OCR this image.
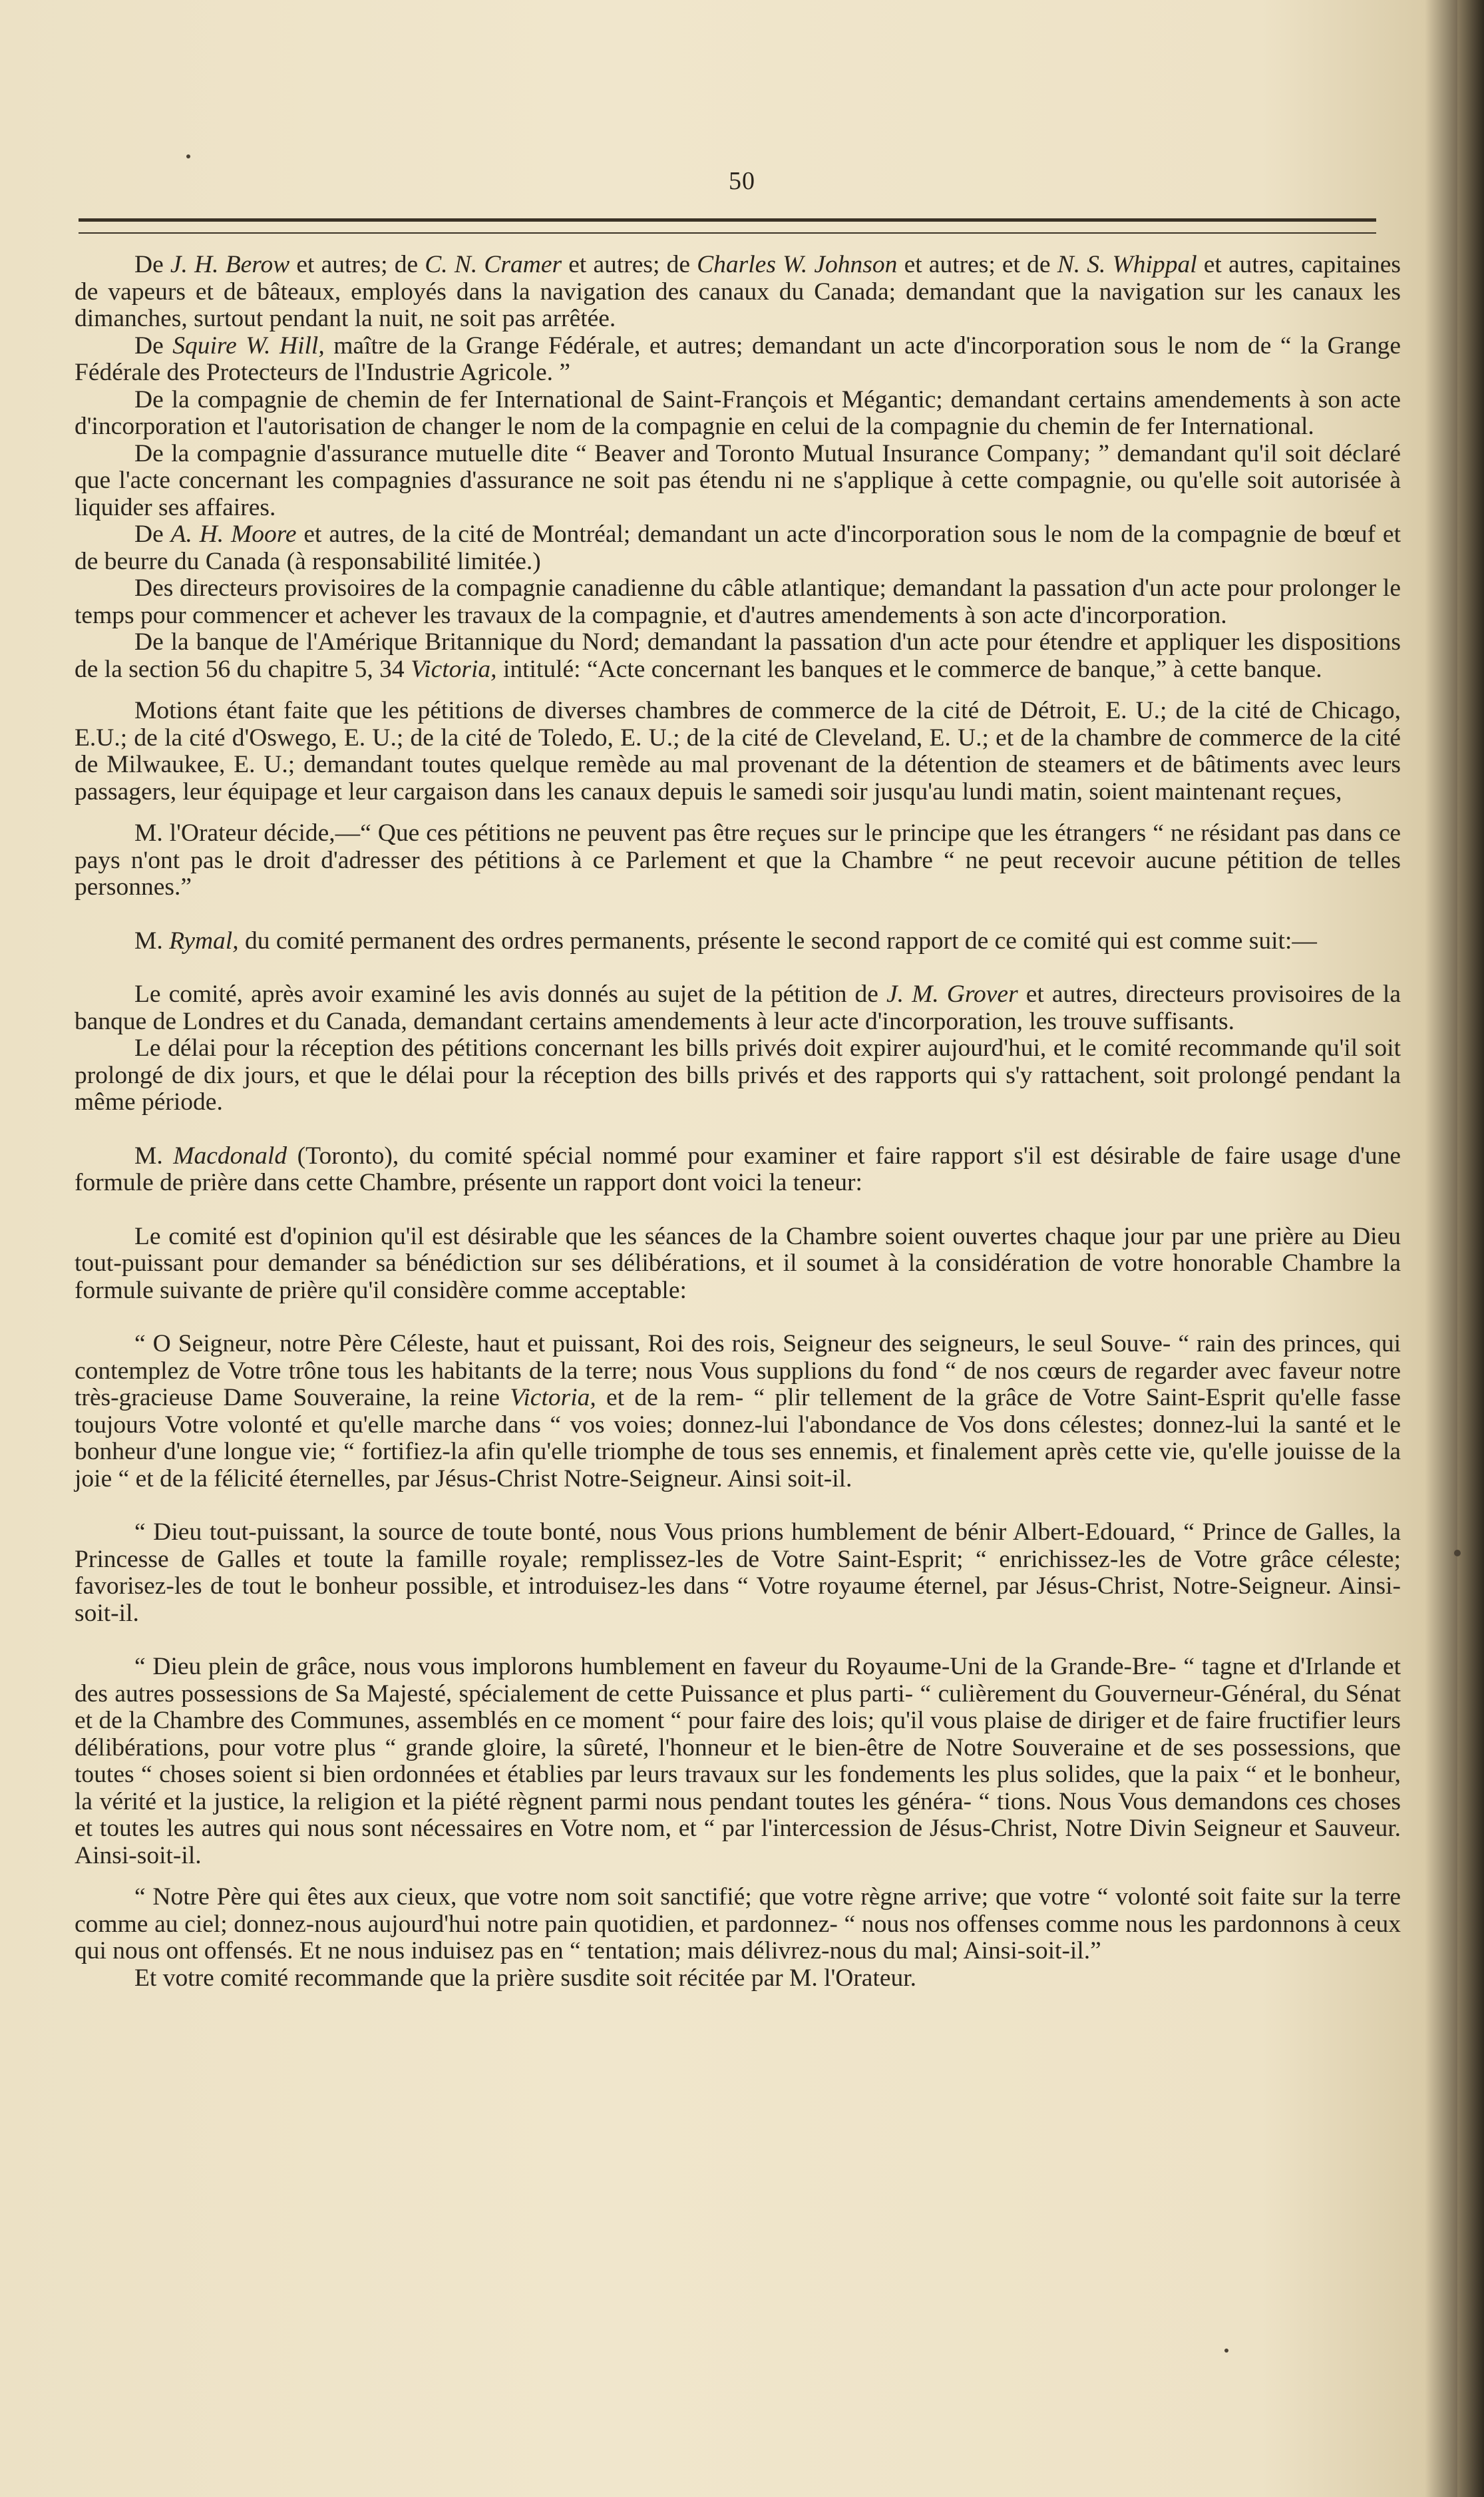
50

De J. H. Berow et autres; de C. N. Cramer et autres; de Charles W. Johnson et autres; et de N. S. Whippal et autres, capitaines de vapeurs et de bâteaux, employés dans la navigation des canaux du Canada; demandant que la navigation sur les canaux les dimanches, surtout pendant la nuit, ne soit pas arrêtée.

De Squire W. Hill, maître de la Grange Fédérale, et autres; demandant un acte d'incorporation sous le nom de “ la Grange Fédérale des Protecteurs de l'Industrie Agricole. ”

De la compagnie de chemin de fer International de Saint-François et Mégantic; demandant certains amendements à son acte d'incorporation et l'autorisation de changer le nom de la compagnie en celui de la compagnie du chemin de fer International.

De la compagnie d'assurance mutuelle dite “ Beaver and Toronto Mutual Insurance Company; ” demandant qu'il soit déclaré que l'acte concernant les compagnies d'assurance ne soit pas étendu ni ne s'applique à cette compagnie, ou qu'elle soit autorisée à liquider ses affaires.

De A. H. Moore et autres, de la cité de Montréal; demandant un acte d'incorporation sous le nom de la compagnie de bœuf et de beurre du Canada (à responsabilité limitée.)

Des directeurs provisoires de la compagnie canadienne du câble atlantique; demandant la passation d'un acte pour prolonger le temps pour commencer et achever les travaux de la compagnie, et d'autres amendements à son acte d'incorporation.

De la banque de l'Amérique Britannique du Nord; demandant la passation d'un acte pour étendre et appliquer les dispositions de la section 56 du chapitre 5, 34 Victoria, intitulé: “Acte concernant les banques et le commerce de banque,” à cette banque.

Motions étant faite que les pétitions de diverses chambres de commerce de la cité de Détroit, E. U.; de la cité de Chicago, E.U.; de la cité d'Oswego, E. U.; de la cité de Toledo, E. U.; de la cité de Cleveland, E. U.; et de la chambre de commerce de la cité de Milwaukee, E. U.; demandant toutes quelque remède au mal provenant de la détention de steamers et de bâtiments avec leurs passagers, leur équipage et leur cargaison dans les canaux depuis le samedi soir jusqu'au lundi matin, soient maintenant reçues,

M. l'Orateur décide,—“ Que ces pétitions ne peuvent pas être reçues sur le principe que les étrangers “ ne résidant pas dans ce pays n'ont pas le droit d'adresser des pétitions à ce Parlement et que la Chambre “ ne peut recevoir aucune pétition de telles personnes.”

M. Rymal, du comité permanent des ordres permanents, présente le second rapport de ce comité qui est comme suit:—

Le comité, après avoir examiné les avis donnés au sujet de la pétition de J. M. Grover et autres, directeurs provisoires de la banque de Londres et du Canada, demandant certains amendements à leur acte d'incorporation, les trouve suffisants.

Le délai pour la réception des pétitions concernant les bills privés doit expirer aujourd'hui, et le comité recommande qu'il soit prolongé de dix jours, et que le délai pour la réception des bills privés et des rapports qui s'y rattachent, soit prolongé pendant la même période.

M. Macdonald (Toronto), du comité spécial nommé pour examiner et faire rapport s'il est désirable de faire usage d'une formule de prière dans cette Chambre, présente un rapport dont voici la teneur:

Le comité est d'opinion qu'il est désirable que les séances de la Chambre soient ouvertes chaque jour par une prière au Dieu tout-puissant pour demander sa bénédiction sur ses délibérations, et il soumet à la considération de votre honorable Chambre la formule suivante de prière qu'il considère comme acceptable:

“ O Seigneur, notre Père Céleste, haut et puissant, Roi des rois, Seigneur des seigneurs, le seul Souve- “ rain des princes, qui contemplez de Votre trône tous les habitants de la terre; nous Vous supplions du fond “ de nos cœurs de regarder avec faveur notre très-gracieuse Dame Souveraine, la reine Victoria, et de la rem- “ plir tellement de la grâce de Votre Saint-Esprit qu'elle fasse toujours Votre volonté et qu'elle marche dans “ vos voies; donnez-lui l'abondance de Vos dons célestes; donnez-lui la santé et le bonheur d'une longue vie; “ fortifiez-la afin qu'elle triomphe de tous ses ennemis, et finalement après cette vie, qu'elle jouisse de la joie “ et de la félicité éternelles, par Jésus-Christ Notre-Seigneur. Ainsi soit-il.

“ Dieu tout-puissant, la source de toute bonté, nous Vous prions humblement de bénir Albert-Edouard, “ Prince de Galles, la Princesse de Galles et toute la famille royale; remplissez-les de Votre Saint-Esprit; “ enrichissez-les de Votre grâce céleste; favorisez-les de tout le bonheur possible, et introduisez-les dans “ Votre royaume éternel, par Jésus-Christ, Notre-Seigneur. Ainsi-soit-il.

“ Dieu plein de grâce, nous vous implorons humblement en faveur du Royaume-Uni de la Grande-Bre- “ tagne et d'Irlande et des autres possessions de Sa Majesté, spécialement de cette Puissance et plus parti- “ culièrement du Gouverneur-Général, du Sénat et de la Chambre des Communes, assemblés en ce moment “ pour faire des lois; qu'il vous plaise de diriger et de faire fructifier leurs délibérations, pour votre plus “ grande gloire, la sûreté, l'honneur et le bien-être de Notre Souveraine et de ses possessions, que toutes “ choses soient si bien ordonnées et établies par leurs travaux sur les fondements les plus solides, que la paix “ et le bonheur, la vérité et la justice, la religion et la piété règnent parmi nous pendant toutes les généra- “ tions. Nous Vous demandons ces choses et toutes les autres qui nous sont nécessaires en Votre nom, et “ par l'intercession de Jésus-Christ, Notre Divin Seigneur et Sauveur. Ainsi-soit-il.

“ Notre Père qui êtes aux cieux, que votre nom soit sanctifié; que votre règne arrive; que votre “ volonté soit faite sur la terre comme au ciel; donnez-nous aujourd'hui notre pain quotidien, et pardonnez- “ nous nos offenses comme nous les pardonnons à ceux qui nous ont offensés. Et ne nous induisez pas en “ tentation; mais délivrez-nous du mal; Ainsi-soit-il.”

Et votre comité recommande que la prière susdite soit récitée par M. l'Orateur.
